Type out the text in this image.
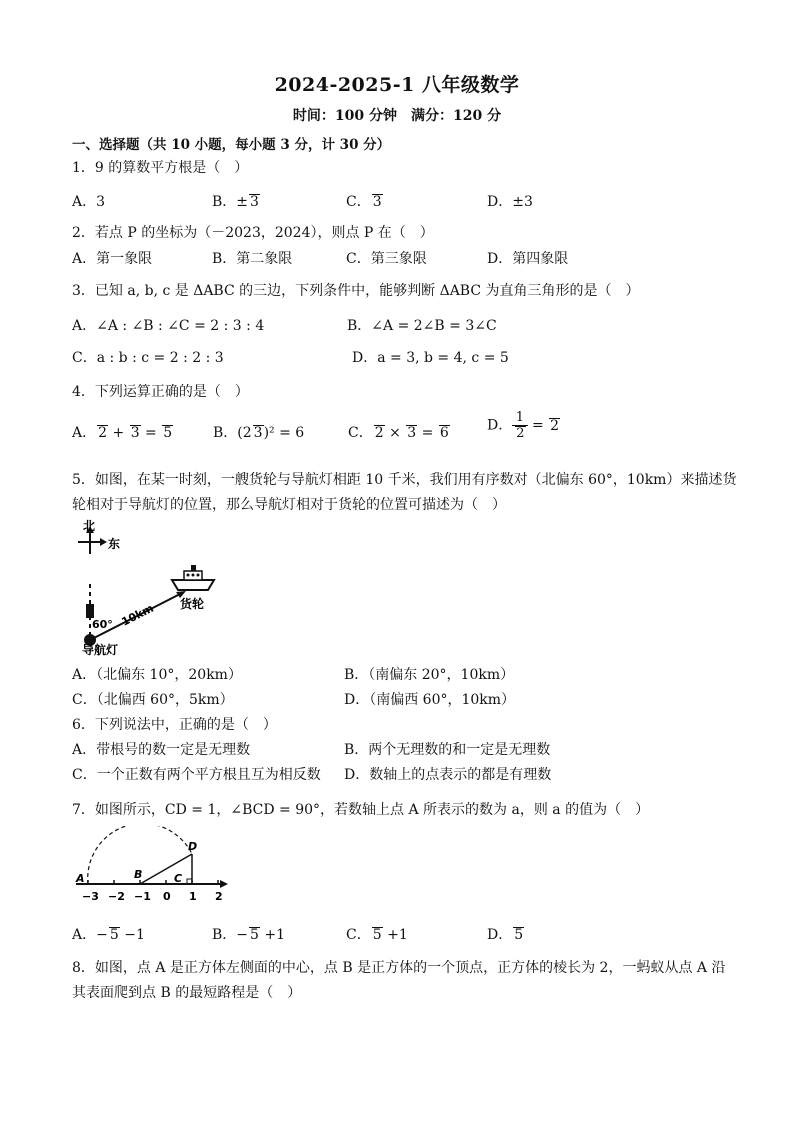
2024-2025-1 八年级数学
时间：100 分钟　满分：120 分
一、选择题（共 10 小题，每小题 3 分，计 30 分）
1．9 的算数平方根是（　）
A．3	B．± 3	C． 3	D．±3
2．若点 P 的坐标为（－2023，2024），则点 P 在（　）
A．第一象限	B．第二象限	C．第三象限	D．第四象限
3．已知 a, b, c 是 ΔABC 的三边，下列条件中，能够判断 ΔABC 为直角三角形的是（　）
A．∠A : ∠B : ∠C = 2 : 3 : 4	B．∠A = 2∠B = 3∠C
C．a : b : c = 2 : 2 : 3	D．a = 3, b = 4, c = 5
4．下列运算正确的是（　）
A． 2 + 3 = 5	B．(2 3)² = 6	C． 2 × 3 = 6	D． $\frac{1}{2} = 2$
5．如图，在某一时刻，一艘货轮与导航灯相距 10 千米，我们用有序数对（北偏东 60°，10km）来描述货
轮相对于导航灯的位置，那么导航灯相对于货轮的位置可描述为（　）
北
东
10km
60°
货轮
导航灯
A．（北偏东 10°，20km）	B．（南偏东 20°，10km）
C．（北偏西 60°，5km）	D．（南偏西 60°，10km）
6．下列说法中，正确的是（　）
A．带根号的数一定是无理数	B．两个无理数的和一定是无理数
C．一个正数有两个平方根且互为相反数 D．数轴上的点表示的都是有理数
7．如图所示，CD = 1，∠BCD = 90°，若数轴上点 A 所表示的数为 a，则 a 的值为（　）
A	B	C
D
−3 −2 −1 0 1 2
A．− 5 −1	B．− 5 +1	C． 5 +1	D． 5
8．如图，点 A 是正方体左侧面的中心，点 B 是正方体的一个顶点，正方体的棱长为 2，一蚂蚁从点 A 沿
其表面爬到点 B 的最短路程是（　）
